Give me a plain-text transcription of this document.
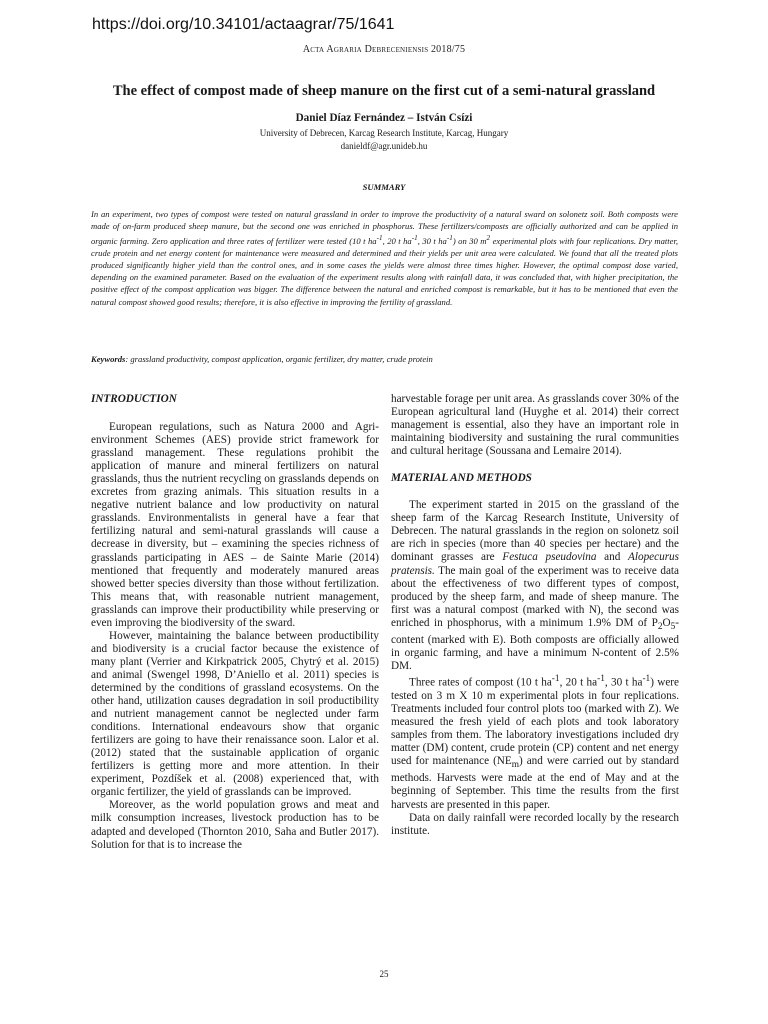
https://doi.org/10.34101/actaagrar/75/1641
Acta Agraria Debreceniensis 2018/75
The effect of compost made of sheep manure on the first cut of a semi-natural grassland
Daniel Díaz Fernández – István Csízi
University of Debrecen, Karcag Research Institute, Karcag, Hungary
danieldf@agr.unideb.hu
SUMMARY
In an experiment, two types of compost were tested on natural grassland in order to improve the productivity of a natural sward on solonetz soil. Both composts were made of on-farm produced sheep manure, but the second one was enriched in phosphorus. These fertilizers/composts are officially authorized and can be applied in organic farming. Zero application and three rates of fertilizer were tested (10 t $ha^{-1}$, 20 t $ha^{-1}$, 30 t $ha^{-1}$) on 30 $m^2$ experimental plots with four replications. Dry matter, crude protein and net energy content for maintenance were measured and determined and their yields per unit area were calculated. We found that all the treated plots produced significantly higher yield than the control ones, and in some cases the yields were almost three times higher. However, the optimal compost dose varied, depending on the examined parameter. Based on the evaluation of the experiment results along with rainfall data, it was concluded that, with higher precipitation, the positive effect of the compost application was bigger. The difference between the natural and enriched compost is remarkable, but it has to be mentioned that even the natural compost showed good results; therefore, it is also effective in improving the fertility of grassland.
Keywords: grassland productivity, compost application, organic fertilizer, dry matter, crude protein
INTRODUCTION

European regulations, such as Natura 2000 and Agri-environment Schemes (AES) provide strict framework for grassland management. These regulations prohibit the application of manure and mineral fertilizers on natural grasslands, thus the nutrient recycling on grasslands depends on excretes from grazing animals. This situation results in a negative nutrient balance and low productivity on natural grasslands. Environmentalists in general have a fear that fertilizing natural and semi-natural grasslands will cause a decrease in diversity, but – examining the species richness of grasslands participating in AES – de Sainte Marie (2014) mentioned that frequently and moderately manured areas showed better species diversity than those without fertilization. This means that, with reasonable nutrient management, grasslands can improve their productibility while preserving or even improving the biodiversity of the sward.

However, maintaining the balance between productibility and biodiversity is a crucial factor because the existence of many plant (Verrier and Kirkpatrick 2005, Chytrý et al. 2015) and animal (Swengel 1998, D’Aniello et al. 2011) species is determined by the conditions of grassland ecosystems. On the other hand, utilization causes degradation in soil productibility and nutrient management cannot be neglected under farm conditions. International endeavours show that organic fertilizers are going to have their renaissance soon. Lalor et al. (2012) stated that the sustainable application of organic fertilizers is getting more and more attention. In their experiment, Pozdíšek et al. (2008) experienced that, with organic fertilizer, the yield of grasslands can be improved.

Moreover, as the world population grows and meat and milk consumption increases, livestock production has to be adapted and developed (Thornton 2010, Saha and Butler 2017). Solution for that is to increase the

harvestable forage per unit area. As grasslands cover 30% of the European agricultural land (Huyghe et al. 2014) their correct management is essential, also they have an important role in maintaining biodiversity and sustaining the rural communities and cultural heritage (Soussana and Lemaire 2014).

MATERIAL AND METHODS

The experiment started in 2015 on the grassland of the sheep farm of the Karcag Research Institute, University of Debrecen. The natural grasslands in the region on solonetz soil are rich in species (more than 40 species per hectare) and the dominant grasses are Festuca pseudovina and Alopecurus pratensis. The main goal of the experiment was to receive data about the effectiveness of two different types of compost, produced by the sheep farm, and made of sheep manure. The first was a natural compost (marked with N), the second was enriched in phosphorus, with a minimum 1.9% DM of $P_2O_5$-content (marked with E). Both composts are officially allowed in organic farming, and have a minimum N-content of 2.5% DM.

Three rates of compost (10 t $ha^{-1}$, 20 t $ha^{-1}$, 30 t $ha^{-1}$) were tested on 3 m X 10 m experimental plots in four replications. Treatments included four control plots too (marked with Z). We measured the fresh yield of each plots and took laboratory samples from them. The laboratory investigations included dry matter (DM) content, crude protein (CP) content and net energy used for maintenance $(NE_m)$ and were carried out by standard methods. Harvests were made at the end of May and at the beginning of September. This time the results from the first harvests are presented in this paper.

Data on daily rainfall were recorded locally by the research institute.

25
